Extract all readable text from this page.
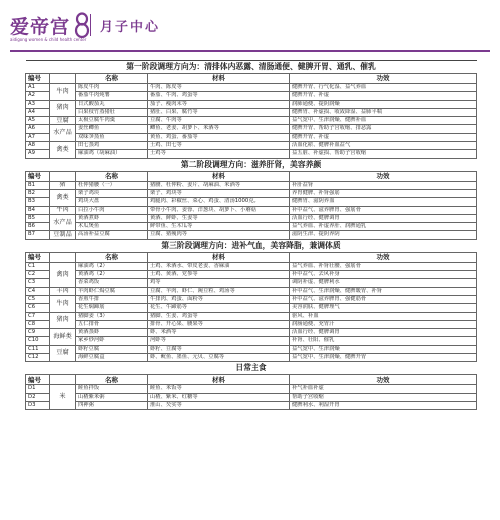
爱帝宫
aidigong women & child health center
月子中心
第一阶段调理方向为：清排体内恶露、清肠通便、健脾开胃、通乳、催乳				
编号		名称	材料	功效
A1	牛肉	陈皮牛肉	牛肉、陈皮等	健脾开胃、行气化湿、益气养血
A2		番茄牛肉炖薯	番茄、牛肉、鸡蛋等	健脾开胃、补虚
A3	猪肉	日式酸茄丸	茄子、瘦肉末等	润肺通便、提阴润燥
A4		白果枝竹蒸猪肚	猪肚、白果、腐竹等	健脾胃、补虚损、收敛降湿、益肺平喘
A5	豆腐	太极豆腐牛肉羹	豆腐、牛肉等	益气宽中、生津润燥、健脾补血
A6	水产品	姜丝鲫鱼	鲫鱼、老姜、胡萝卜、米酒等	健脾开胃、帮助子宫收缩、排恶露
A7		双味笋蒸鱼	黄鱼、鸡蛋、番茄等	健脾开胃、补虚
A8	禽类	田七蒸鸡	土鸡、田七等	活血化瘀、健脾补血益气
A9		麻油鸡（胡麻油）	土鸡等	益五脏、补虚损、帮助子宫收缩
第二阶段调理方向：滋养肝肾，美容养颜				
编号		名称	材料	功效
B1	猪	杜仲猪腰（一）	猪腰、杜仲粉、姜片、胡麻油、米酒等	补肝益肾
B2	禽类	栗子鸡块	栗子、鸡块等	养胃健脾、补肾强筋
B3		鸡块大盘	鸡腿肉、彩椒丝、菜心、鸡蛋、清汤1000克。	健脾胃、滋阴养血
B4	牛肉	白拉小牛肉	带骨小牛肉、姜蓉、洋葱块、胡萝卜、小蘑菇	补中益气、滋养脾胃、强筋骨
B5	水产品	黄酒煮虾	黄酒、鲜虾、生姜等	活血行经、健脾调胃
B6		木瓜煲鱼	鲜带鱼、生木瓜等	益气养血、补虚养肝、润脾通乳
B7	豆制品	高汤补益豆腐	豆腐、猪瘦肉等	滋阴生津、提阴养阴
第三阶段调理方向：进补气血，美容降脂，兼调体质				
编号		名称	材料	功效
C1	禽肉	麻油鸡（2）	土鸡、米酒水、带皮老姜、香麻油	益气养血、补肾壮腰、强筋骨
C2		黄酒鸡（2）	土鸡、黄酒、党参等	补中益气、去风补身
C3		香菜鸡饭	鸡等	调阴补虚、健脾利水
C4	羊肉	羊肉虾仁焗豆腐	豆腐、羊肉、虾仁、豌豆粒、鸡汤等	补中益气、生津润燥、健脾暖胃、补肾
C5	牛肉	香煎牛排	牛排肉、鸡蛋、面粉等	补中益气、滋养脾胃、强健筋骨
C6		花生焖蹄筋	花生、牛蹄筋等	美容润肤、健脾理气
C7	猪肉	猪脚姜（3）	猪脚、生姜、鸡蛋等	驱风、补血
C8		五仁排骨	排骨、开心果、腰果等	润肠通便、充胃汁
C9	海鲜类	黄酒蒸虾	虾、米酒等	活血行经、健脾调胃
C10		家乡炒河虾	河虾等	补肾、壮阳、催乳
C11	豆腐	虾籽豆腐	虾籽、豆腐等	益气宽中、生津润燥
C12		海鲜豆腐盒	虾、鱿鱼、墨鱼、元贝、豆腐等	益气宽中、生津润燥、健脾开胃
日常主食				
编号		名称	材料	功效
D1	米	鲑鱼拌饭	鲑鱼、米饭等	补气补血补虚
D2		山楂紫米粥	山楂、紫米、红糖等	帮助子宫收缩
D3		四神粥	淮山、芡实等	健脾利水、利湿开胃
